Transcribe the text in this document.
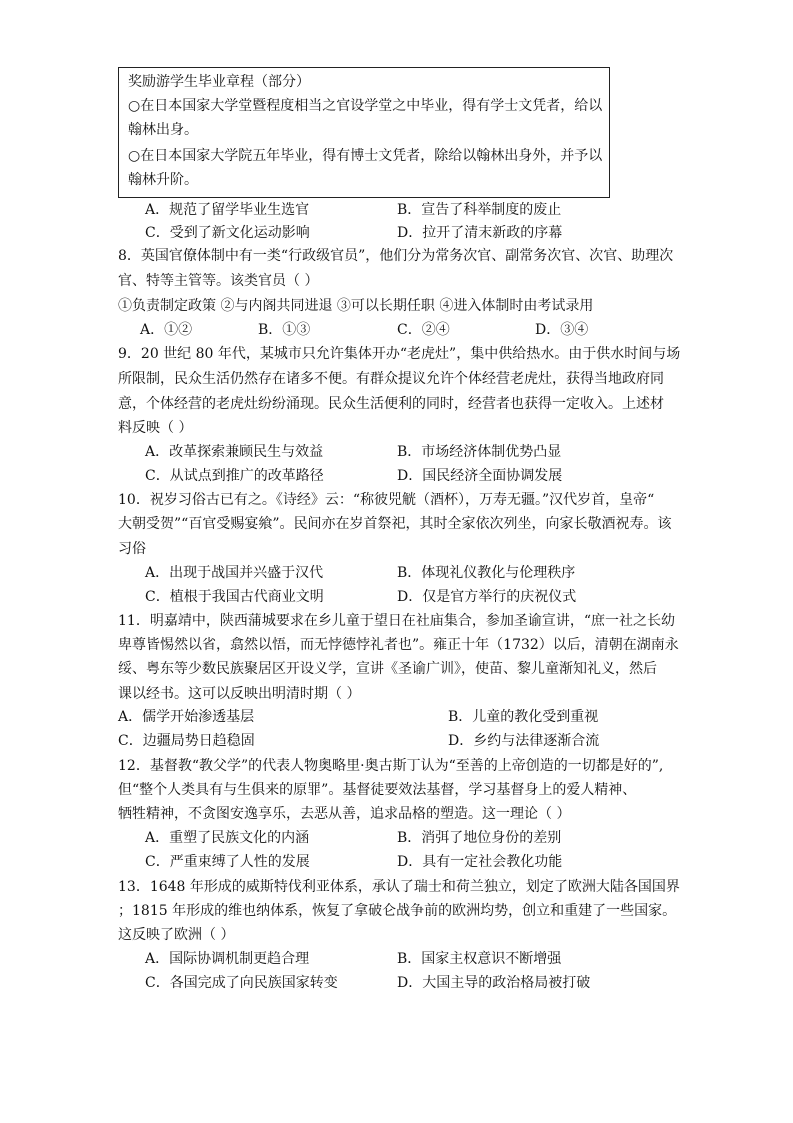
奖励游学生毕业章程（部分）
○在日本国家大学堂暨程度相当之官设学堂之中毕业，得有学士文凭者，给以
翰林出身。
○在日本国家大学院五年毕业，得有博士文凭者，除给以翰林出身外，并予以
翰林升阶。
A．规范了留学毕业生选官	B．宣告了科举制度的废止
C．受到了新文化运动影响	D．拉开了清末新政的序幕
8．英国官僚体制中有一类“行政级官员”，他们分为常务次官、副常务次官、次官、助理次
官、特等主管等。该类官员（ ）
①负责制定政策 ②与内阁共同进退 ③可以长期任职 ④进入体制时由考试录用
A．①②	B．①③	C．②④	D．③④
9．20 世纪 80 年代，某城市只允许集体开办“老虎灶”，集中供给热水。由于供水时间与场
所限制，民众生活仍然存在诸多不便。有群众提议允许个体经营老虎灶，获得当地政府同
意，个体经营的老虎灶纷纷涌现。民众生活便利的同时，经营者也获得一定收入。上述材
料反映（ ）
A．改革探索兼顾民生与效益	B．市场经济体制优势凸显
C．从试点到推广的改革路径	D．国民经济全面协调发展
10．祝岁习俗古已有之。《诗经》云：“称彼兕觥（酒杯），万寿无疆。”汉代岁首，皇帝“
大朝受贺”“百官受赐宴飨”。民间亦在岁首祭祀，其时全家依次列坐，向家长敬酒祝寿。该
习俗
A．出现于战国并兴盛于汉代	B．体现礼仪教化与伦理秩序
C．植根于我国古代商业文明	D．仅是官方举行的庆祝仪式
11．明嘉靖中，陕西蒲城要求在乡儿童于望日在社庙集合，参加圣谕宣讲，“庶一社之长幼
卑尊皆惕然以省，翕然以悟，而无悖德悖礼者也”。雍正十年（1732）以后，清朝在湖南永
绥、粤东等少数民族聚居区开设义学，宣讲《圣谕广训》，使苗、黎儿童渐知礼义，然后
课以经书。这可以反映出明清时期（ ）
A．儒学开始渗透基层	B．儿童的教化受到重视
C．边疆局势日趋稳固	D．乡约与法律逐渐合流
12．基督教“教父学”的代表人物奥略里·奥古斯丁认为“至善的上帝创造的一切都是好的”,
但“整个人类具有与生俱来的原罪”。基督徒要效法基督，学习基督身上的爱人精神、
牺牲精神，不贪图安逸享乐，去恶从善，追求品格的塑造。这一理论（ ）
A．重塑了民族文化的内涵	B．消弭了地位身份的差别
C．严重束缚了人性的发展	D．具有一定社会教化功能
13．1648 年形成的威斯特伐利亚体系，承认了瑞士和荷兰独立，划定了欧洲大陆各国国界
；1815 年形成的维也纳体系，恢复了拿破仑战争前的欧洲均势，创立和重建了一些国家。
这反映了欧洲（ ）
A．国际协调机制更趋合理	B．国家主权意识不断增强
C．各国完成了向民族国家转变	D．大国主导的政治格局被打破
